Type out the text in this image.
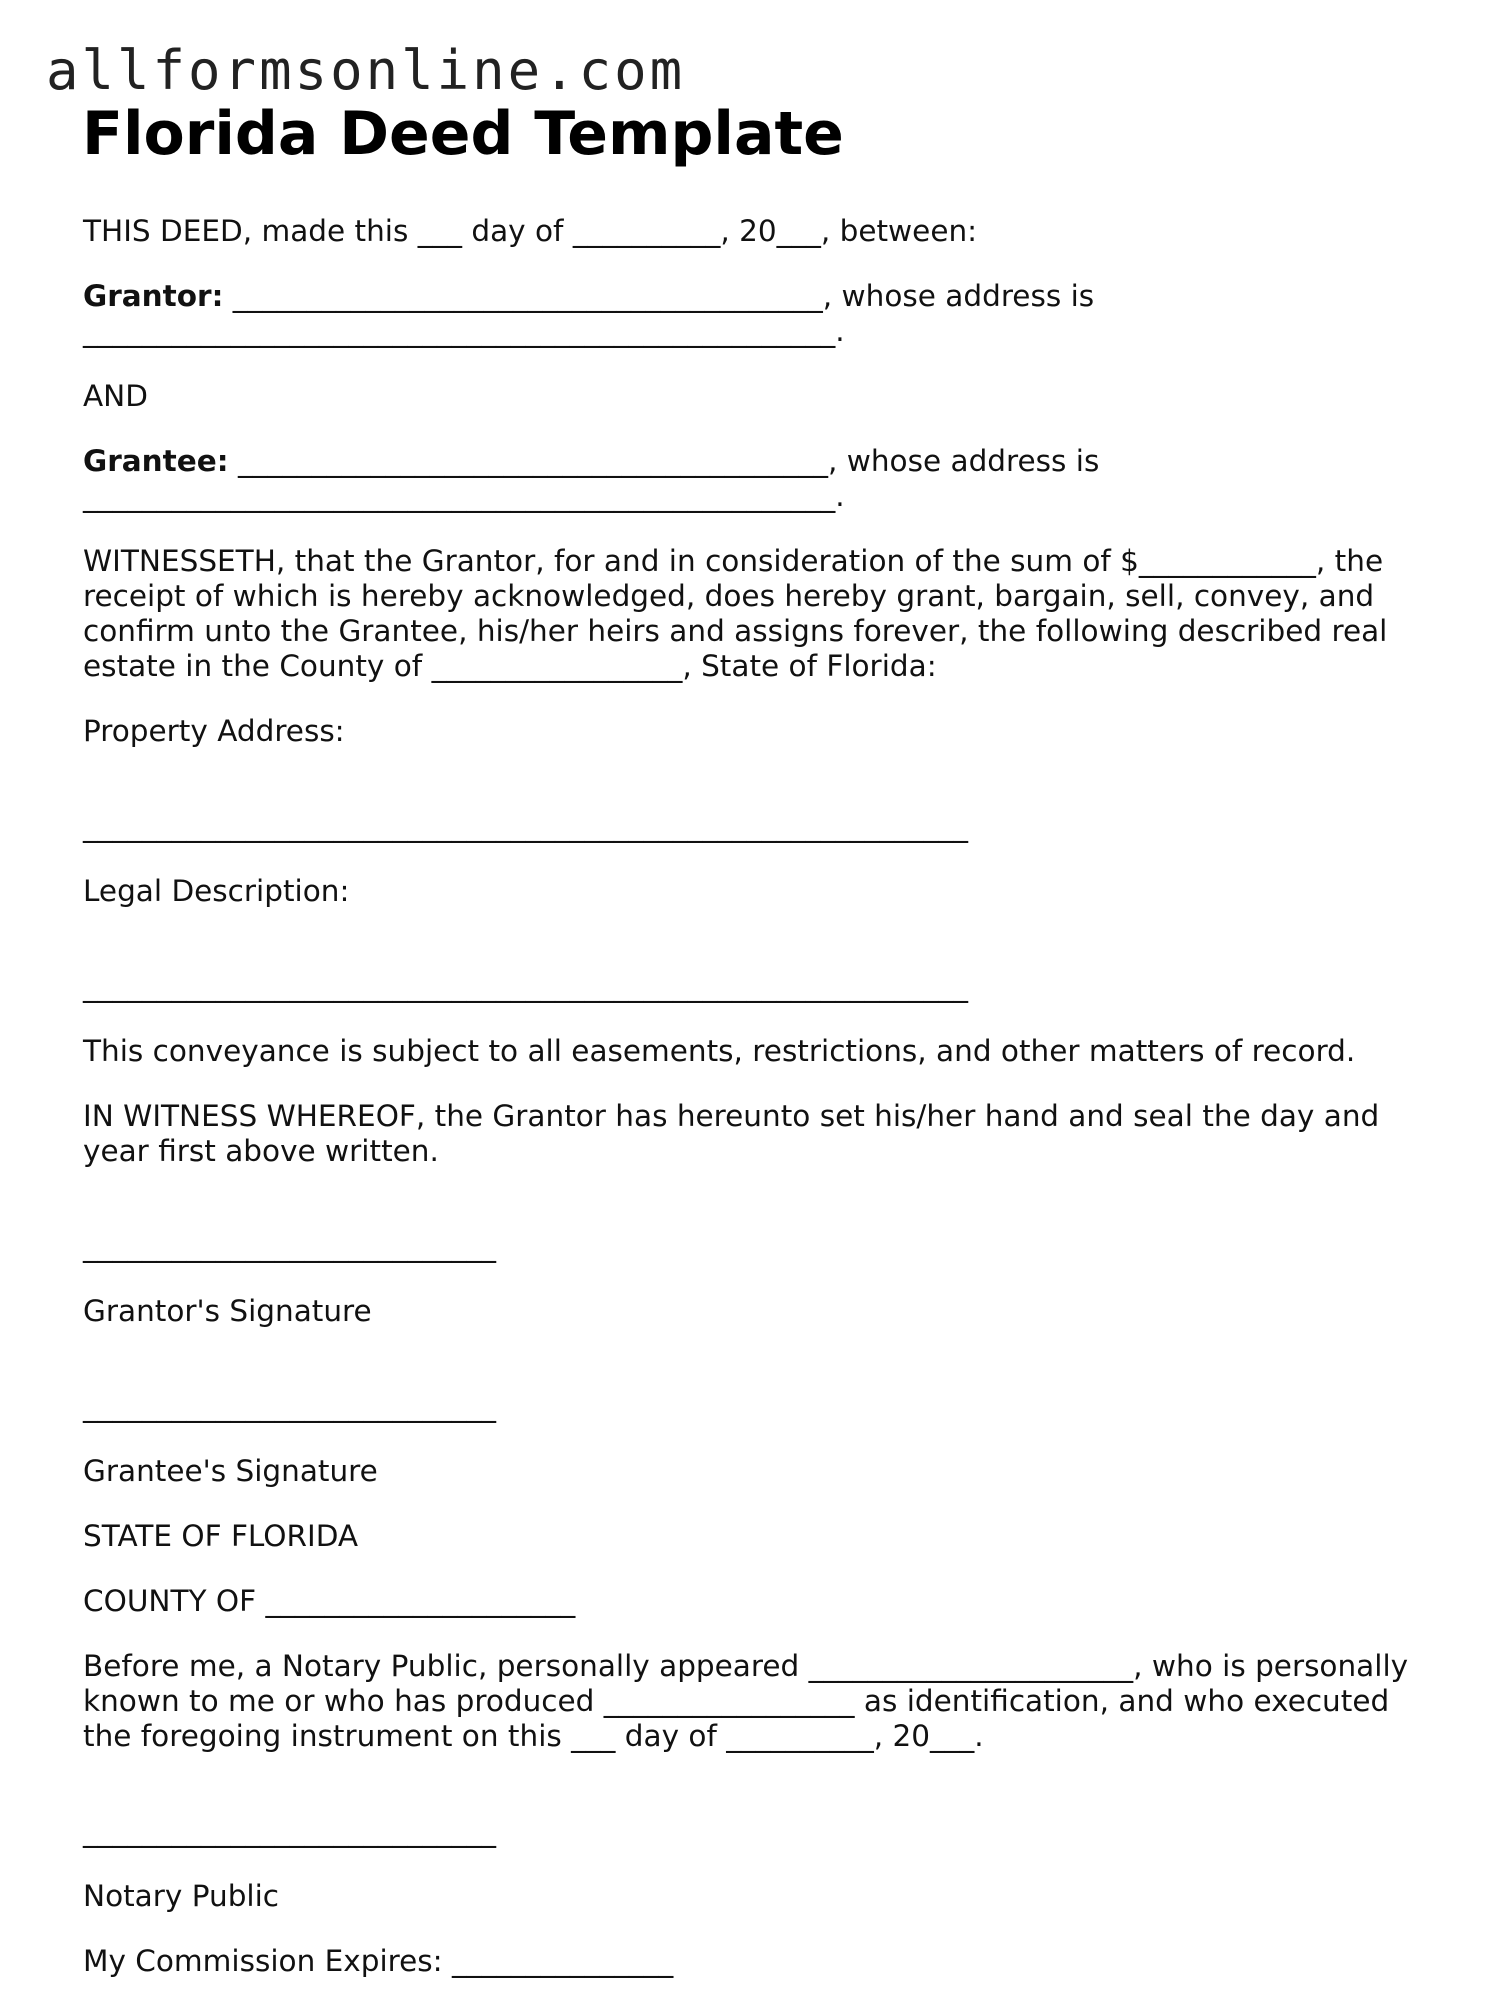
allformsonline.com
Florida Deed Template

THIS DEED, made this ___ day of __________, 20___, between:

Grantor: ________________________________________, whose address is
___________________________________________________.

AND

Grantee: ________________________________________, whose address is
___________________________________________________.

WITNESSETH, that the Grantor, for and in consideration of the sum of $____________, the receipt of which is hereby acknowledged, does hereby grant, bargain, sell, convey, and confirm unto the Grantee, his/her heirs and assigns forever, the following described real estate in the County of _________________, State of Florida:

Property Address:

____________________________________________________________

Legal Description:

____________________________________________________________

This conveyance is subject to all easements, restrictions, and other matters of record.

IN WITNESS WHEREOF, the Grantor has hereunto set his/her hand and seal the day and year first above written.

____________________________

Grantor's Signature

____________________________

Grantee's Signature

STATE OF FLORIDA

COUNTY OF _____________________

Before me, a Notary Public, personally appeared ______________________, who is personally known to me or who has produced _________________ as identification, and who executed the foregoing instrument on this ___ day of __________, 20___.

____________________________

Notary Public

My Commission Expires: _______________
